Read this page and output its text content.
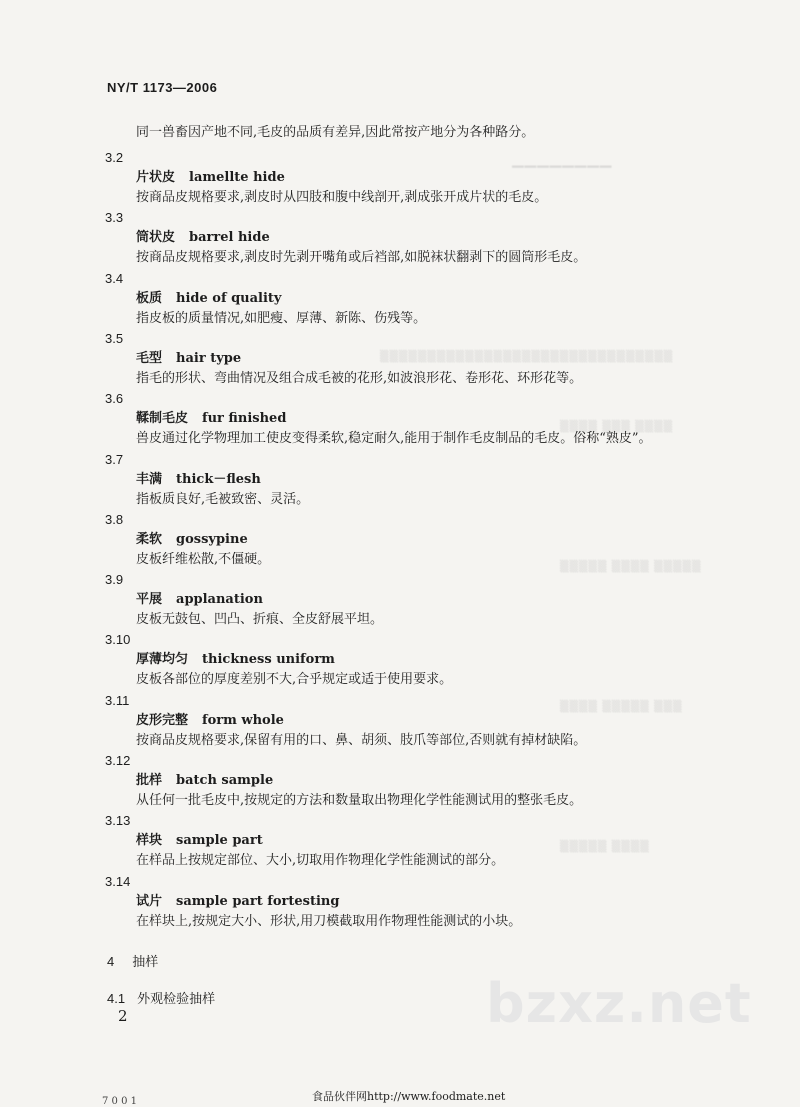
▁▁▁▁▁▁▁▁
▒▒▒▒▒▒▒▒▒▒▒▒▒▒▒▒▒▒▒▒▒▒▒▒▒▒▒▒▒▒▒
▒▒▒▒ ▒▒▒ ▒▒▒▒
▒▒▒▒▒ ▒▒▒▒ ▒▒▒▒▒
▒▒▒▒ ▒▒▒▒▒ ▒▒▒
▒▒▒▒▒ ▒▒▒▒
NY/T 1173—2006
同一兽畜因产地不同,毛皮的品质有差异,因此常按产地分为各种路分。
3.2
片状皮 lamellte hide
按商品皮规格要求,剥皮时从四肢和腹中线剖开,剥成张开成片状的毛皮。
3.3
筒状皮 barrel hide
按商品皮规格要求,剥皮时先剥开嘴角或后裆部,如脱袜状翻剥下的圆筒形毛皮。
3.4
板质 hide of quality
指皮板的质量情况,如肥瘦、厚薄、新陈、伤残等。
3.5
毛型 hair type
指毛的形状、弯曲情况及组合成毛被的花形,如波浪形花、卷形花、环形花等。
3.6
鞣制毛皮 fur finished
兽皮通过化学物理加工使皮变得柔软,稳定耐久,能用于制作毛皮制品的毛皮。俗称“熟皮”。
3.7
丰满 thick－flesh
指板质良好,毛被致密、灵活。
3.8
柔软 gossypine
皮板纤维松散,不僵硬。
3.9
平展 applanation
皮板无鼓包、凹凸、折痕、全皮舒展平坦。
3.10
厚薄均匀 thickness uniform
皮板各部位的厚度差别不大,合乎规定或适于使用要求。
3.11
皮形完整 form whole
按商品皮规格要求,保留有用的口、鼻、胡须、肢爪等部位,否则就有掉材缺陷。
3.12
批样 batch sample
从任何一批毛皮中,按规定的方法和数量取出物理化学性能测试用的整张毛皮。
3.13
样块 sample part
在样品上按规定部位、大小,切取用作物理化学性能测试的部分。
3.14
试片 sample part fortesting
在样块上,按规定大小、形状,用刀模截取用作物理性能测试的小块。
4 抽样
4.1 外观检验抽样
2	bzxz.net
食品伙伴网http://www.foodmate.net
7 0 0 1
